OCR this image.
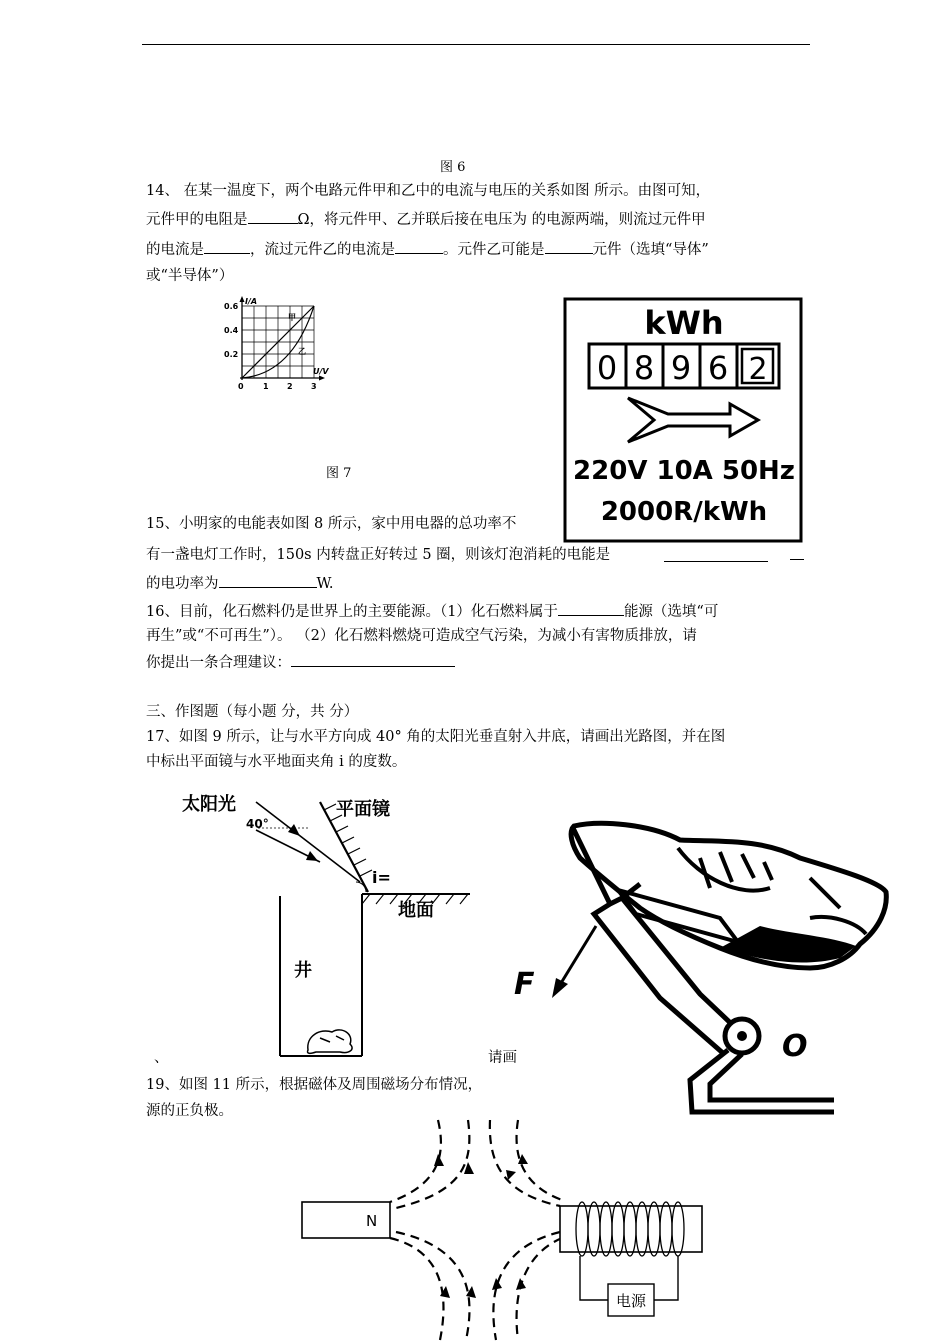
图 6
14、 在某一温度下，两个电路元件甲和乙中的电流与电压的关系如图 所示。由图可知，
元件甲的电阻是	Ω，将元件甲、乙并联后接在电压为 的电源两端，则流过元件甲
的电流是	，流过元件乙的电流是	。元件乙可能是	元件（选填“导体”
或“半导体”）
I/A
U/V
0.6
0.4
0.2
0 1 2 3
甲
乙
图 7
kWh
0 8 9 6 2
220V 10A 50Hz
2000R/kWh
15、小明家的电能表如图 8 所示，家中用电器的总功率不
有一盏电灯工作时，150s 内转盘正好转过 5 圈，则该灯泡消耗的电能是
的电功率为	W.
16、目前，化石燃料仍是世界上的主要能源。（1）化石燃料属于	能源（选填“可
再生”或“不可再生”）。 （2）化石燃料燃烧可造成空气污染，为减小有害物质排放，请
你提出一条合理建议：
三、作图题（每小题 分，共 分）
17、如图 9 所示，让与水平方向成 40° 角的太阳光垂直射入井底，请画出光路图，并在图
中标出平面镜与水平地面夹角 i 的度数。
太阳光	平面镜
40°
i=
地面
井
O
F
、	请画
19、如图 11 所示，根据磁体及周围磁场分布情况，
源的正负极。
N
电源
